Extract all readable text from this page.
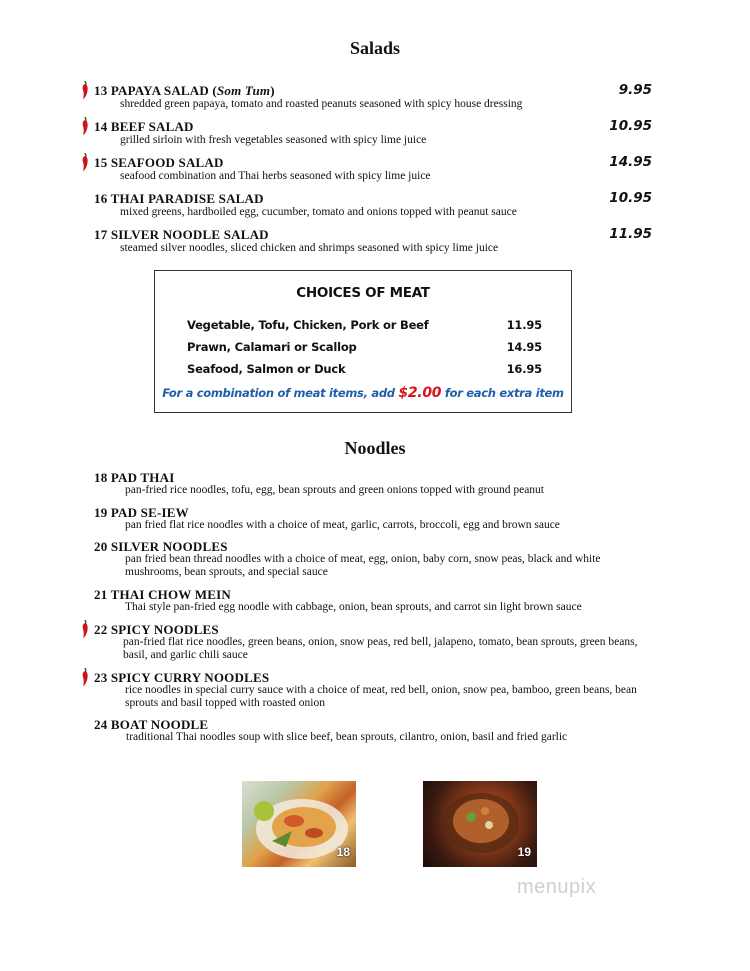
Salads
13 PAPAYA SALAD (Som Tum)	9.95
shredded green papaya, tomato and roasted peanuts seasoned with spicy house dressing
14 BEEF SALAD	10.95
grilled sirloin with fresh vegetables seasoned with spicy lime juice
15 SEAFOOD SALAD	14.95
seafood combination and Thai herbs seasoned with spicy lime juice
16 THAI PARADISE SALAD	10.95
mixed greens, hardboiled egg, cucumber, tomato and onions topped with peanut sauce
17 SILVER NOODLE SALAD	11.95
steamed silver noodles, sliced chicken and shrimps seasoned with spicy lime juice
CHOICES OF MEAT
Vegetable, Tofu, Chicken, Pork or Beef	11.95
Prawn, Calamari or Scallop	14.95
Seafood, Salmon or Duck	16.95
For a combination of meat items, add $2.00 for each extra item
Noodles
18 PAD THAI
pan-fried rice noodles, tofu, egg, bean sprouts and green onions topped with ground peanut
19 PAD SE-IEW
pan fried flat rice noodles with a choice of meat, garlic, carrots, broccoli, egg and brown sauce
20 SILVER NOODLES
pan fried bean thread noodles with a choice of meat, egg, onion, baby corn, snow peas, black and white mushrooms, bean sprouts, and special sauce
21 THAI CHOW MEIN
Thai style pan-fried egg noodle with cabbage, onion, bean sprouts, and carrot sin light brown sauce
22 SPICY NOODLES
pan-fried flat rice noodles, green beans, onion, snow peas, red bell, jalapeno, tomato, bean sprouts, green beans, basil, and garlic chili sauce
23 SPICY CURRY NOODLES
rice noodles in special curry sauce with a choice of meat, red bell, onion, snow pea, bamboo, green beans, bean sprouts and basil topped with roasted onion
24 BOAT NOODLE
traditional Thai noodles soup with slice beef, bean sprouts, cilantro, onion, basil and fried garlic
18	19
menupix
